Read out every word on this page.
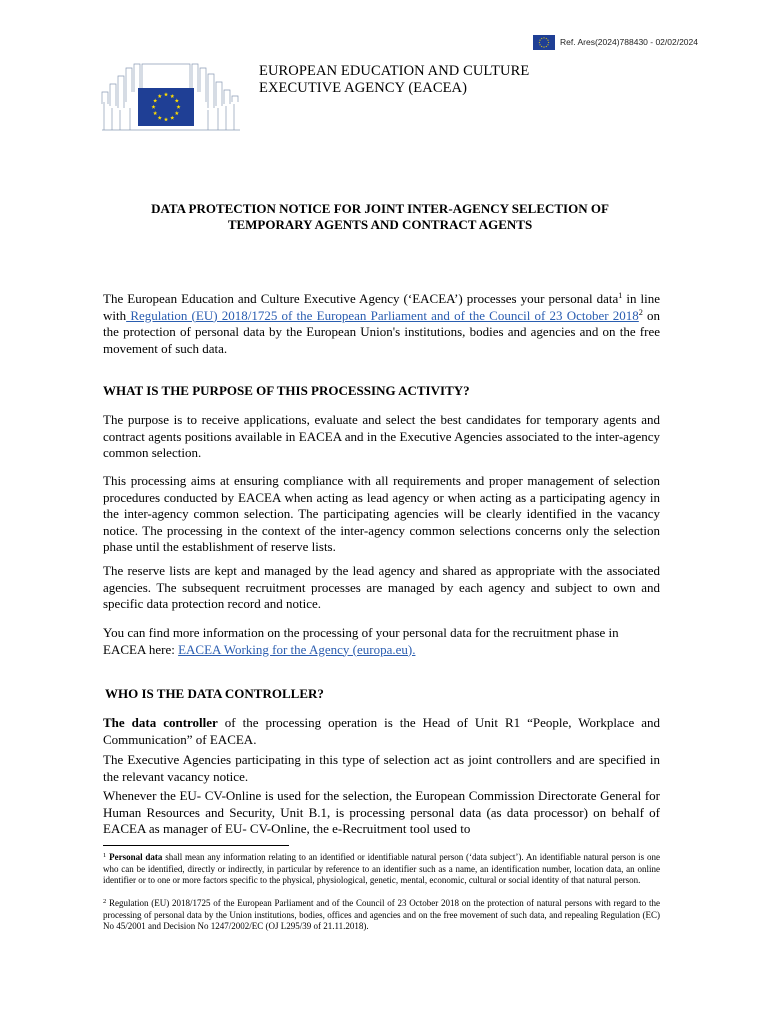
Ref. Ares(2024)788430 - 02/02/2024
EUROPEAN EDUCATION AND CULTURE
EXECUTIVE AGENCY (EACEA)
DATA PROTECTION NOTICE FOR JOINT INTER-AGENCY SELECTION OF
TEMPORARY AGENTS AND CONTRACT AGENTS
The European Education and Culture Executive Agency (‘EACEA’) processes your personal data$^1$ in line with Regulation (EU) 2018/1725 of the European Parliament and of the Council of 23 October 2018$^2$ on the protection of personal data by the European Union's institutions, bodies and agencies and on the free movement of such data.
WHAT IS THE PURPOSE OF THIS PROCESSING ACTIVITY?
The purpose is to receive applications, evaluate and select the best candidates for temporary agents and contract agents positions available in EACEA and in the Executive Agencies associated to the inter-agency common selection.
This processing aims at ensuring compliance with all requirements and proper management of selection procedures conducted by EACEA when acting as lead agency or when acting as a participating agency in the inter-agency common selection. The participating agencies will be clearly identified in the vacancy notice. The processing in the context of the inter-agency common selections concerns only the selection phase until the establishment of reserve lists.
The reserve lists are kept and managed by the lead agency and shared as appropriate with the associated agencies. The subsequent recruitment processes are managed by each agency and subject to own and specific data protection record and notice.
You can find more information on the processing of your personal data for the recruitment phase in EACEA here: EACEA Working for the Agency (europa.eu).
WHO IS THE DATA CONTROLLER?
The data controller of the processing operation is the Head of Unit R1 “People, Workplace and Communication” of EACEA.
The Executive Agencies participating in this type of selection act as joint controllers and are specified in the relevant vacancy notice.
Whenever the EU- CV-Online is used for the selection, the European Commission Directorate General for Human Resources and Security, Unit B.1, is processing personal data (as data processor) on behalf of EACEA as manager of EU- CV-Online, the e-Recruitment tool used to
$^1$ Personal data shall mean any information relating to an identified or identifiable natural person (‘data subject’). An identifiable natural person is one who can be identified, directly or indirectly, in particular by reference to an identifier such as a name, an identification number, location data, an online identifier or to one or more factors specific to the physical, physiological, genetic, mental, economic, cultural or social identity of that natural person.
$^2$ Regulation (EU) 2018/1725 of the European Parliament and of the Council of 23 October 2018 on the protection of natural persons with regard to the processing of personal data by the Union institutions, bodies, offices and agencies and on the free movement of such data, and repealing Regulation (EC) No 45/2001 and Decision No 1247/2002/EC (OJ L295/39 of 21.11.2018).
